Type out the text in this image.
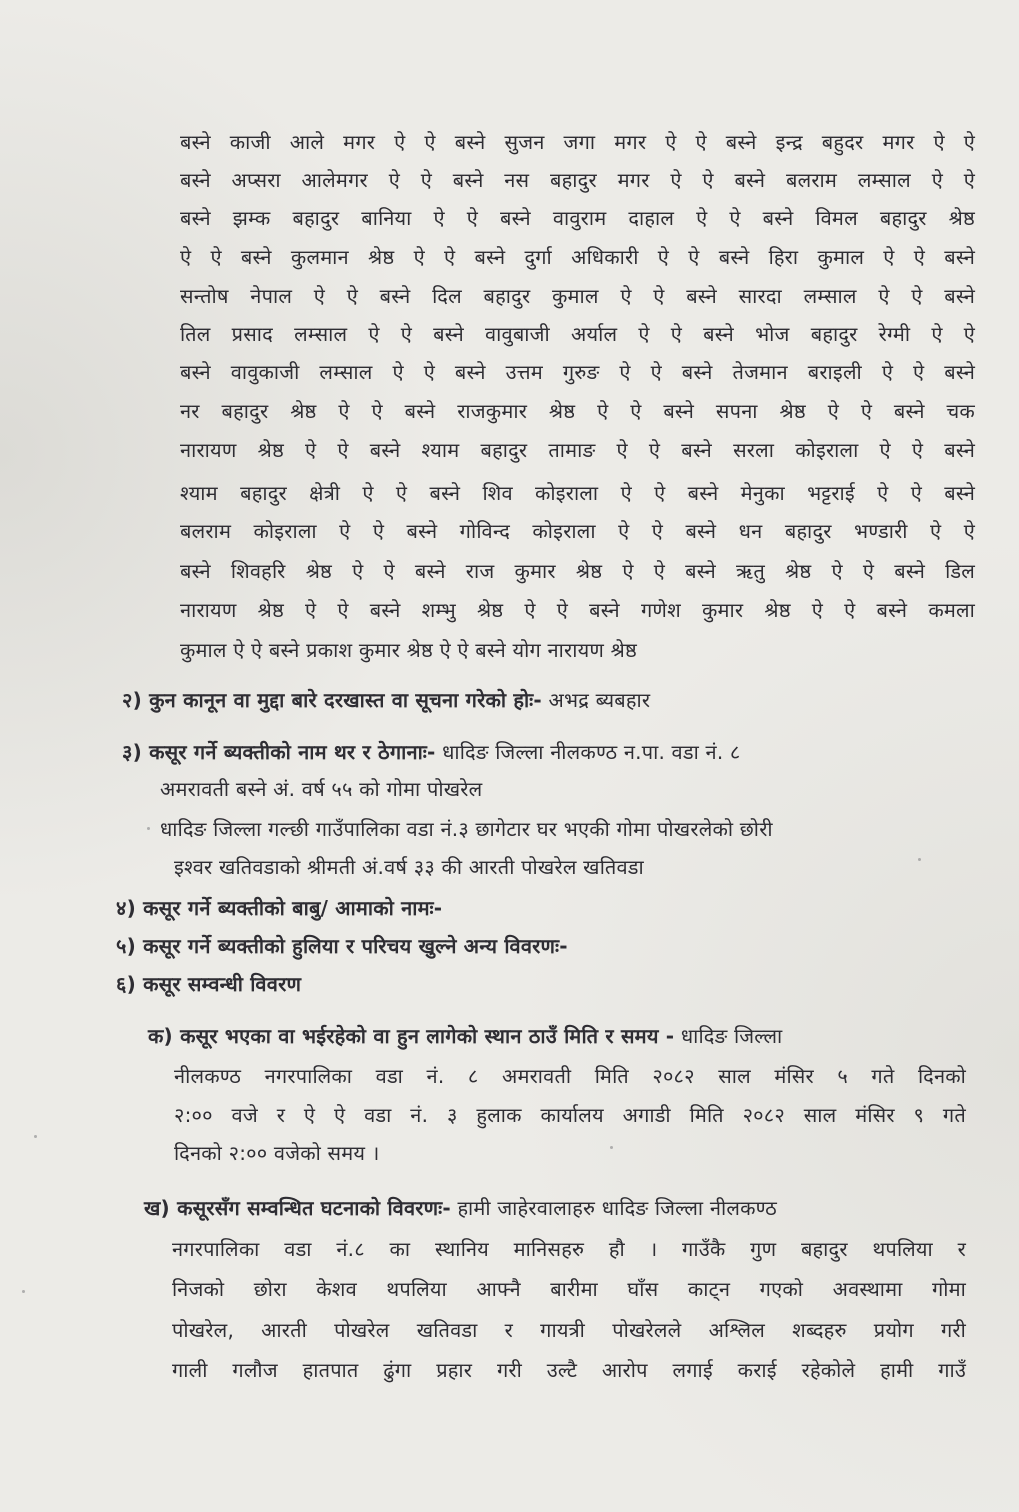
बस्ने काजी आले मगर ऐ ऐ बस्ने सुजन जगा मगर ऐ ऐ बस्ने इन्द्र बहुदर मगर ऐ ऐ
बस्ने अप्सरा आलेमगर ऐ ऐ बस्ने नस बहादुर मगर ऐ ऐ बस्ने बलराम लम्साल ऐ ऐ
बस्ने झम्क बहादुर बानिया ऐ ऐ बस्ने वावुराम दाहाल ऐ ऐ बस्ने विमल बहादुर श्रेष्ठ
ऐ ऐ बस्ने कुलमान श्रेष्ठ ऐ ऐ बस्ने दुर्गा अधिकारी ऐ ऐ बस्ने हिरा कुमाल ऐ ऐ बस्ने
सन्तोष नेपाल ऐ ऐ बस्ने दिल बहादुर कुमाल ऐ ऐ बस्ने सारदा लम्साल ऐ ऐ बस्ने
तिल प्रसाद लम्साल ऐ ऐ बस्ने वावुबाजी अर्याल ऐ ऐ बस्ने भोज बहादुर रेग्मी ऐ ऐ
बस्ने वावुकाजी लम्साल ऐ ऐ बस्ने उत्तम गुरुङ ऐ ऐ बस्ने तेजमान बराइली ऐ ऐ बस्ने
नर बहादुर श्रेष्ठ ऐ ऐ बस्ने राजकुमार श्रेष्ठ ऐ ऐ बस्ने सपना श्रेष्ठ ऐ ऐ बस्ने चक
नारायण श्रेष्ठ ऐ ऐ बस्ने श्याम बहादुर तामाङ ऐ ऐ बस्ने सरला कोइराला ऐ ऐ बस्ने
श्याम बहादुर क्षेत्री ऐ ऐ बस्ने शिव कोइराला ऐ ऐ बस्ने मेनुका भट्टराई ऐ ऐ बस्ने
बलराम कोइराला ऐ ऐ बस्ने गोविन्द कोइराला ऐ ऐ बस्ने धन बहादुर भण्डारी ऐ ऐ
बस्ने शिवहरि श्रेष्ठ ऐ ऐ बस्ने राज कुमार श्रेष्ठ ऐ ऐ बस्ने ऋतु श्रेष्ठ ऐ ऐ बस्ने डिल
नारायण श्रेष्ठ ऐ ऐ बस्ने शम्भु श्रेष्ठ ऐ ऐ बस्ने गणेश कुमार श्रेष्ठ ऐ ऐ बस्ने कमला
कुमाल ऐ ऐ बस्ने प्रकाश कुमार श्रेष्ठ ऐ ऐ बस्ने योग नारायण श्रेष्ठ
२) कुन कानून वा मुद्दा बारे दरखास्त वा सूचना गरेको होः- अभद्र ब्यबहार
३) कसूर गर्ने ब्यक्तीको नाम थर र ठेगानाः- धादिङ जिल्ला नीलकण्ठ न.पा. वडा नं. ८
अमरावती बस्ने अं. वर्ष ५५ को गोमा पोखरेल
धादिङ जिल्ला गल्छी गाउँपालिका वडा नं.३ छागेटार घर भएकी गोमा पोखरलेको छोरी
इश्वर खतिवडाको श्रीमती अं.वर्ष ३३ की आरती पोखरेल खतिवडा
४) कसूर गर्ने ब्यक्तीको बाबु/ आमाको नामः-
५) कसूर गर्ने ब्यक्तीको हुलिया र परिचय खुल्ने अन्य विवरणः-
६) कसूर सम्वन्धी विवरण
क) कसूर भएका वा भईरहेको वा हुन लागेको स्थान ठाउँ मिति र समय - धादिङ जिल्ला
नीलकण्ठ नगरपालिका वडा नं. ८ अमरावती मिति २०८२ साल मंसिर ५ गते दिनको
२:०० वजे र ऐ ऐ वडा नं. ३ हुलाक कार्यालय अगाडी मिति २०८२ साल मंसिर ९ गते
दिनको २:०० वजेको समय ।
ख) कसूरसँग सम्वन्धित घटनाको विवरणः- हामी जाहेरवालाहरु धादिङ जिल्ला नीलकण्ठ
नगरपालिका वडा नं.८ का स्थानिय मानिसहरु हौ । गाउँकै गुण बहादुर थपलिया र
निजको छोरा केशव थपलिया आफ्नै बारीमा घाँस काट्न गएको अवस्थामा गोमा
पोखरेल, आरती पोखरेल खतिवडा र गायत्री पोखरेलले अश्लिल शब्दहरु प्रयोग गरी
गाली गलौज हातपात ढुंगा प्रहार गरी उल्टै आरोप लगाई कराई रहेकोले हामी गाउँ
